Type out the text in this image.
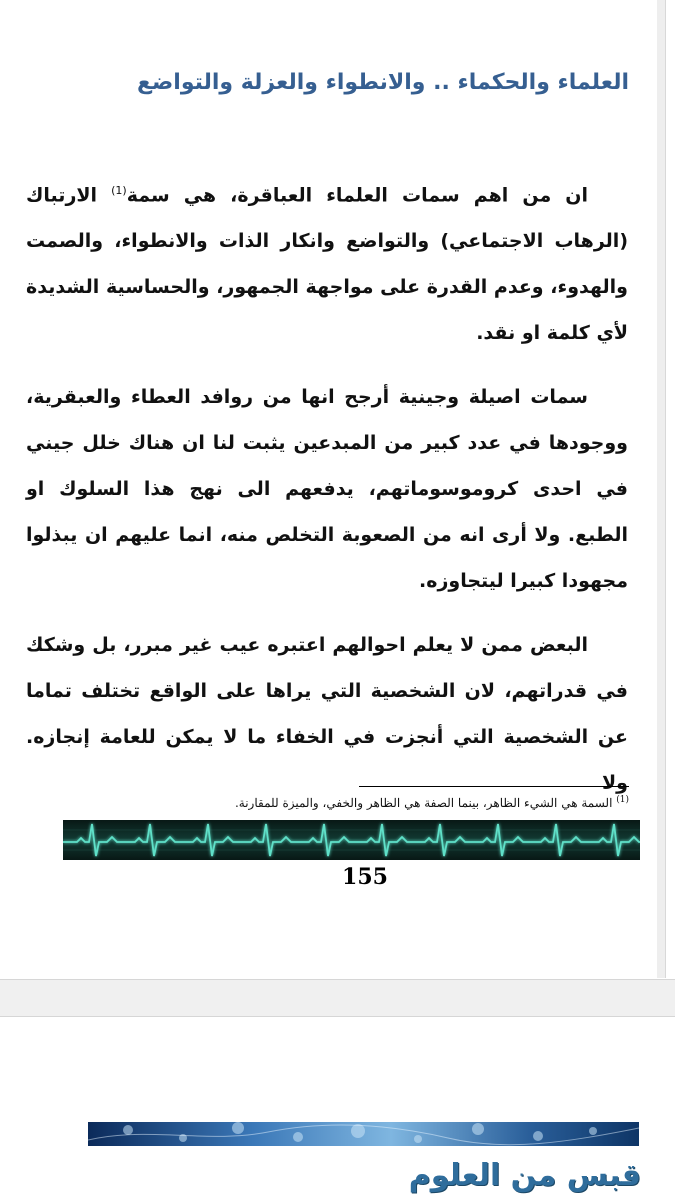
العلماء والحكماء .. والانطواء والعزلة والتواضع

ان من اهم سمات العلماء العباقرة، هي سمة$^{(1)}$ الارتباك (الرهاب الاجتماعي) والتواضع وانكار الذات والانطواء، والصمت والهدوء، وعدم القدرة على مواجهة الجمهور، والحساسية الشديدة لأي كلمة او نقد.

سمات اصيلة وجينية أرجح انها من روافد العطاء والعبقرية، ووجودها في عدد كبير من المبدعين يثبت لنا ان هناك خلل جيني في احدى كروموسوماتهم، يدفعهم الى نهج هذا السلوك او الطبع. ولا أرى انه من الصعوبة التخلص منه، انما عليهم ان يبذلوا مجهودا كبيرا ليتجاوزه.

البعض ممن لا يعلم احوالهم اعتبره عيب غير مبرر، بل وشكك في قدراتهم، لان الشخصية التي يراها على الواقع تختلف تماما عن الشخصية التي أنجزت في الخفاء ما لا يمكن للعامة إنجازه. ولا

$^{(1)}$ السمة هي الشيء الظاهر، بينما الصفة هي الظاهر والخفي، والميزة للمقارنة.
155
قبس من العلوم
